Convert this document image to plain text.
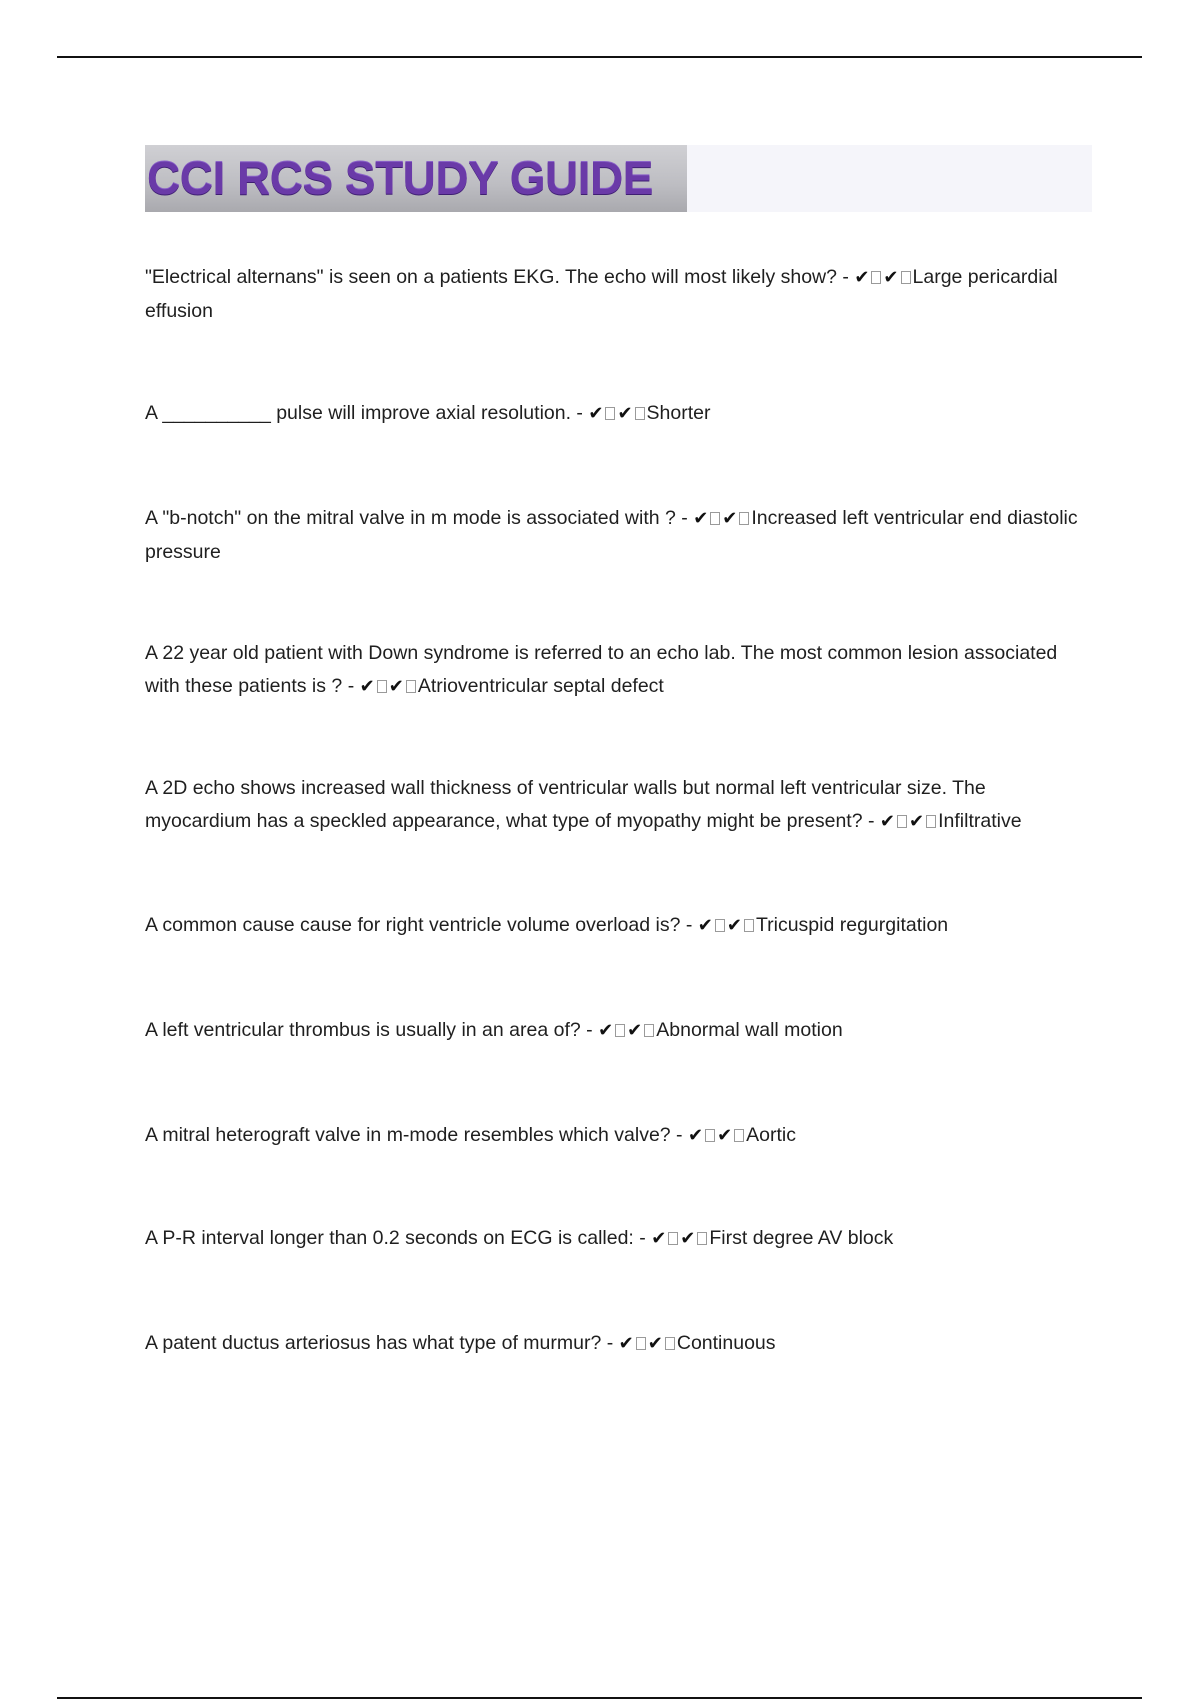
CCI RCS STUDY GUIDE

"Electrical alternans" is seen on a patients EKG. The echo will most likely show? - ✔ ✔ Large pericardial effusion

A __________ pulse will improve axial resolution. - ✔ ✔ Shorter

A "b-notch" on the mitral valve in m mode is associated with ? - ✔ ✔ Increased left ventricular end diastolic pressure

A 22 year old patient with Down syndrome is referred to an echo lab. The most common lesion associated with these patients is ? - ✔ ✔ Atrioventricular septal defect

A 2D echo shows increased wall thickness of ventricular walls but normal left ventricular size. The myocardium has a speckled appearance, what type of myopathy might be present? - ✔ ✔ Infiltrative

A common cause cause for right ventricle volume overload is? - ✔ ✔ Tricuspid regurgitation

A left ventricular thrombus is usually in an area of? - ✔ ✔ Abnormal wall motion

A mitral heterograft valve in m-mode resembles which valve? - ✔ ✔ Aortic

A P-R interval longer than 0.2 seconds on ECG is called: - ✔ ✔ First degree AV block

A patent ductus arteriosus has what type of murmur? - ✔ ✔ Continuous
